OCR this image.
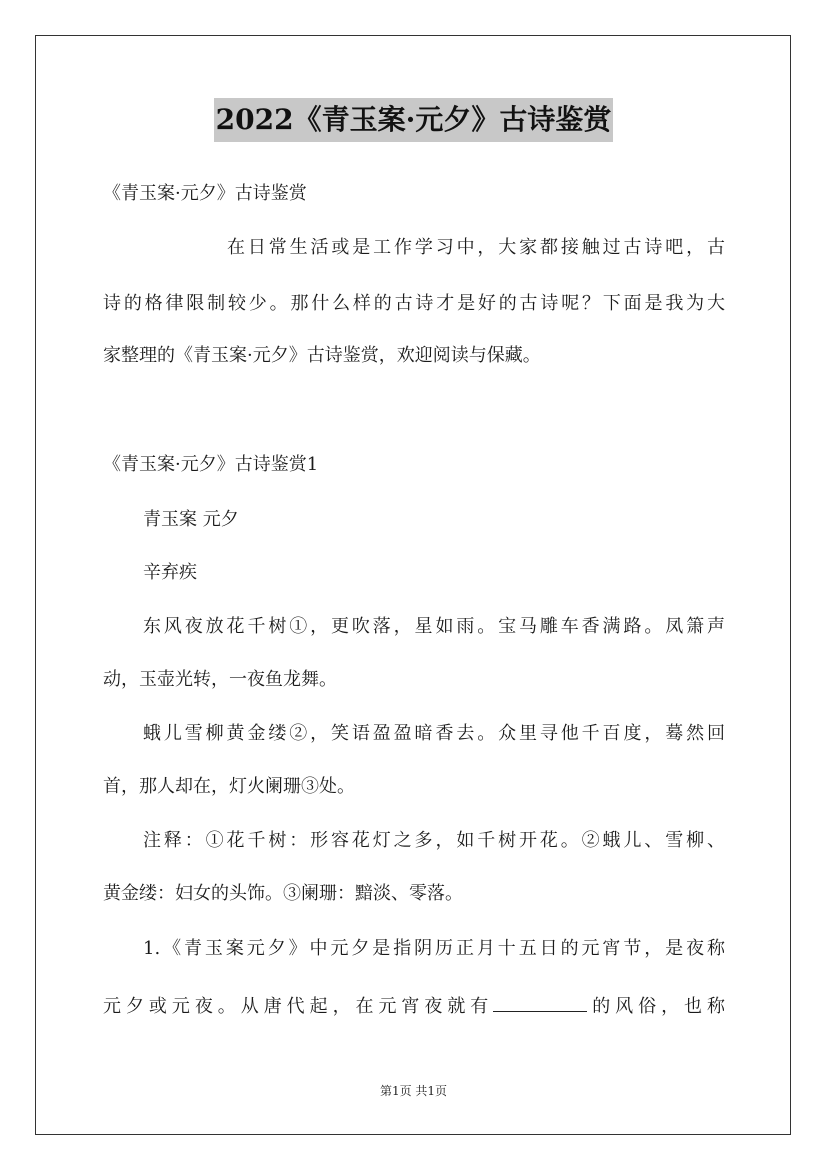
2022《青玉案·元夕》古诗鉴赏
《青玉案·元夕》古诗鉴赏
在日常生活或是工作学习中，大家都接触过古诗吧，古
诗的格律限制较少。那什么样的古诗才是好的古诗呢？下面是我为大
家整理的《青玉案·元夕》古诗鉴赏，欢迎阅读与保藏。
《青玉案·元夕》古诗鉴赏1
青玉案 元夕
辛弃疾
东风夜放花千树①，更吹落，星如雨。宝马雕车香满路。凤箫声
动，玉壶光转，一夜鱼龙舞。
蛾儿雪柳黄金缕②，笑语盈盈暗香去。众里寻他千百度，蓦然回
首，那人却在，灯火阑珊③处。
注释：①花千树：形容花灯之多，如千树开花。②蛾儿、雪柳、
黄金缕：妇女的头饰。③阑珊：黯淡、零落。
1.《青玉案元夕》中元夕是指阴历正月十五日的元宵节，是夜称
元夕或元夜。从唐代起，在元宵夜就有	的风俗，也称
第1页 共1页
